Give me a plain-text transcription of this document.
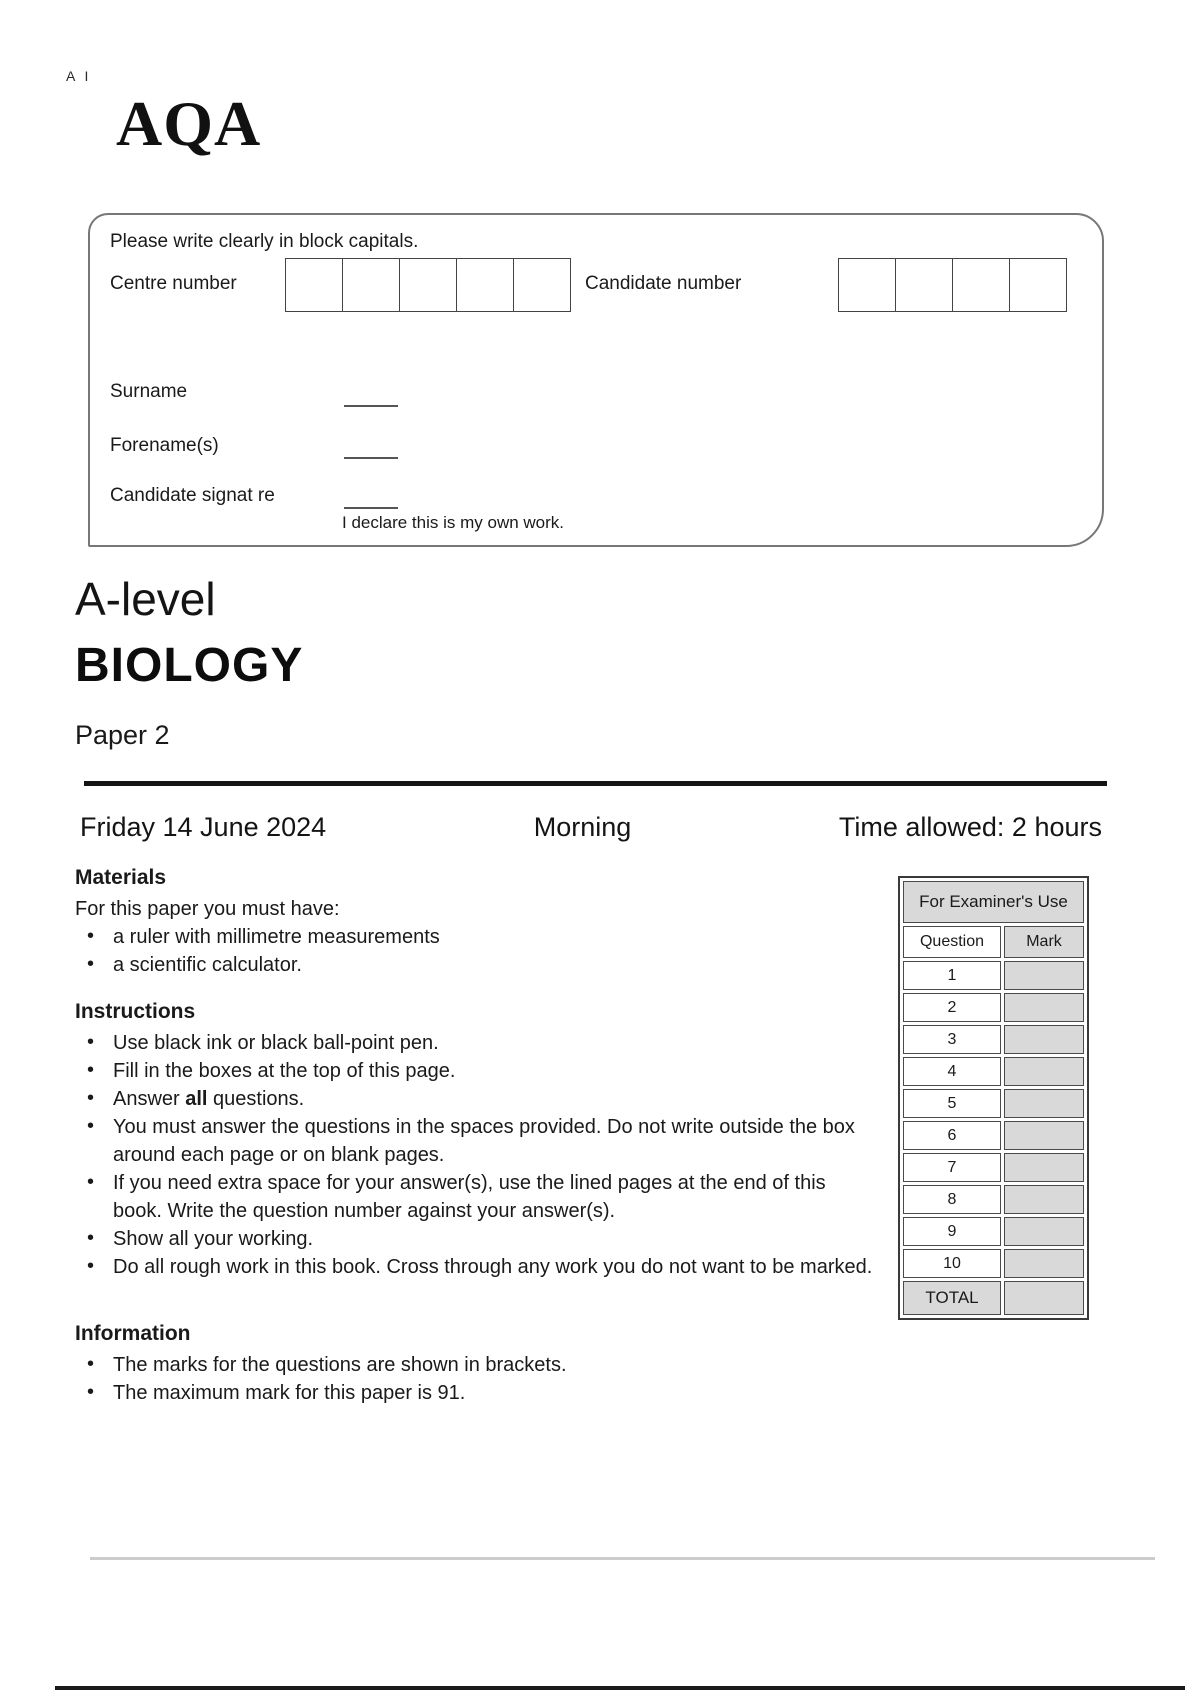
A I
AQA
Please write clearly in block capitals.
Centre number	Candidate number
Surname
Forename(s)
Candidate signat re
I declare this is my own work.
A-level
BIOLOGY
Paper 2
Friday 14 June 2024	Morning	Time allowed: 2 hours
Materials
For this paper you must have:
• a ruler with millimetre measurements
• a scientific calculator.
Instructions
• Use black ink or black ball-point pen.
• Fill in the boxes at the top of this page.
• Answer all questions.
• You must answer the questions in the spaces provided. Do not write outside the box around each page or on blank pages.
• If you need extra space for your answer(s), use the lined pages at the end of this book. Write the question number against your answer(s).
• Show all your working.
• Do all rough work in this book. Cross through any work you do not want to be marked.
Information
• The marks for the questions are shown in brackets.
• The maximum mark for this paper is 91.
For Examiner's Use	
Question	Mark
1	
2	
3	
4	
5	
6	
7	
8	
9	
10	
TOTAL	
